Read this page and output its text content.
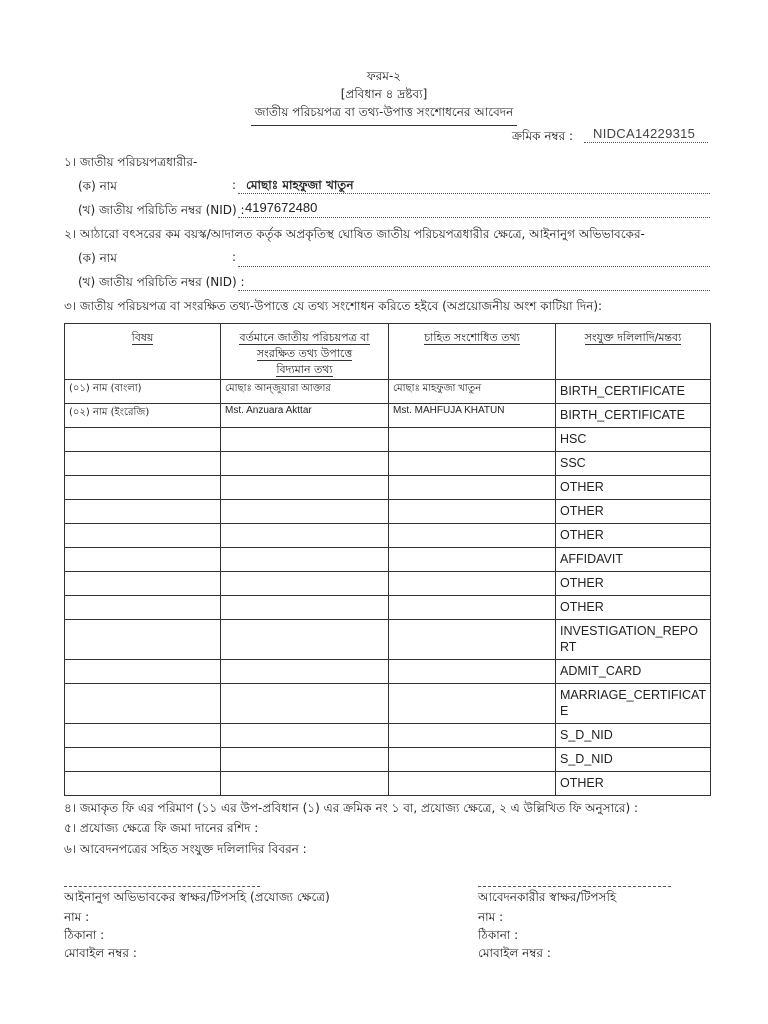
ফরম-২
[প্রবিধান ৪ দ্রষ্টব্য]
জাতীয় পরিচয়পত্র বা তথ্য-উপাত্ত সংশোধনের আবেদন
ক্রমিক নম্বর : NIDCA14229315
১। জাতীয় পরিচয়পত্রধারীর-
(ক) নাম	: মোছাঃ মাহফুজা খাতুন
(খ) জাতীয় পরিচিতি নম্বর (NID) : 4197672480
২। আঠারো বৎসরের কম বয়স্ক/আদালত কর্তৃক অপ্রকৃতিস্থ ঘোষিত জাতীয় পরিচয়পত্রধারীর ক্ষেত্রে, আইনানুগ অভিভাবকের-
(ক) নাম	:
(খ) জাতীয় পরিচিতি নম্বর (NID) :
৩। জাতীয় পরিচয়পত্র বা সংরক্ষিত তথ্য-উপাত্তে যে তথ্য সংশোধন করিতে হইবে (অপ্রয়োজনীয় অংশ কাটিয়া দিন):
বিষয়	বর্তমানে জাতীয় পরিচয়পত্র বা
সংরক্ষিত তথ্য উপাত্তে
বিদ্যমান তথ্য	চাহিত সংশোধিত তথ্য	সংযুক্ত দলিলাদি/মন্তব্য
(০১) নাম (বাংলা)	মোছাঃ আন্জুয়ারা আক্তার	মোছাঃ মাহফুজা খাতুন	BIRTH_CERTIFICATE
(০২) নাম (ইংরেজি)	Mst. Anzuara Akttar	Mst. MAHFUJA KHATUN	BIRTH_CERTIFICATE
			HSC
			SSC
			OTHER
			OTHER
			OTHER
			AFFIDAVIT
			OTHER
			OTHER
			INVESTIGATION_REPORT
			ADMIT_CARD
			MARRIAGE_CERTIFICATE
			S_D_NID
			S_D_NID
			OTHER
৪। জমাকৃত ফি এর পরিমাণ (১১ এর উপ-প্রবিধান (১) এর ক্রমিক নং ১ বা, প্রযোজ্য ক্ষেত্রে, ২ এ উল্লিখিত ফি অনুসারে) :
৫। প্রযোজ্য ক্ষেত্রে ফি জমা দানের রশিদ :
৬। আবেদনপত্রের সহিত সংযুক্ত দলিলাদির বিবরন :
আইনানুগ অভিভাবকের স্বাক্ষর/টিপসহি (প্রযোজ্য ক্ষেত্রে)
নাম :
ঠিকানা :
মোবাইল নম্বর :
আবেদনকারীর স্বাক্ষর/টিপসহি
নাম :
ঠিকানা :
মোবাইল নম্বর :
